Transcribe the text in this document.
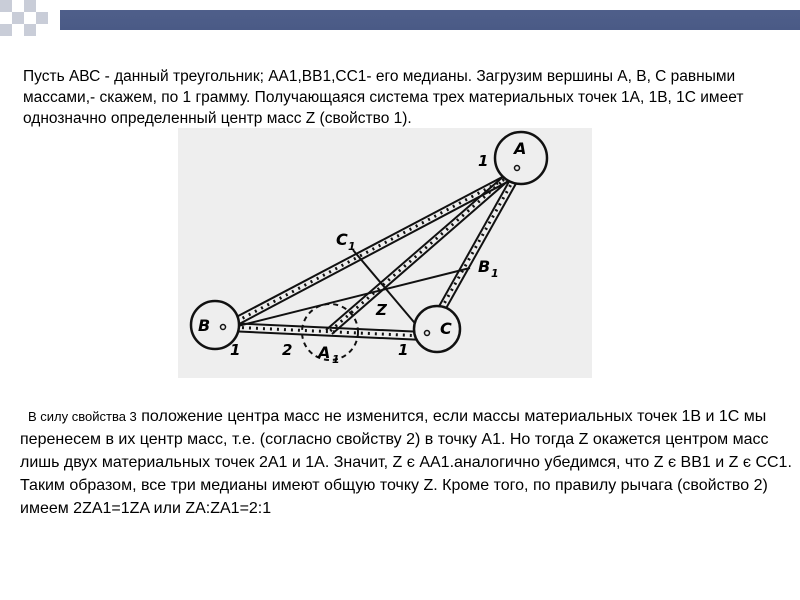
Пусть АВС - данный треугольник; АА1,ВВ1,СС1- его медианы. Загрузим вершины А, В, С равными массами,- скажем, по 1 грамму. Получающаяся система трех материальных точек 1А, 1В, 1С имеет однозначно определенный центр масс Z (свойство 1).

A
B	C
A 1
B 1
C 1
Z
1
1	1
2

В силу свойства 3 положение центра масс не изменится, если массы материальных точек 1В и 1С мы перенесем в их центр масс, т.е. (согласно свойству 2) в точку А1. Но тогда Z окажется центром масс лишь двух материальных точек 2А1 и 1А. Значит, Z є АА1.аналогично убедимся, что Z є ВВ1 и Z є СС1. Таким образом, все три медианы имеют общую точку Z. Кроме того, по правилу рычага (свойство 2) имеем 2ZA1=1ZA или ZA:ZA1=2:1
